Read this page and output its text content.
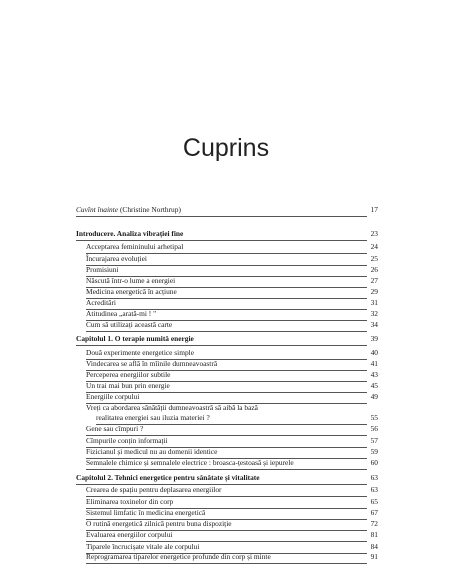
Cuprins
Cuvînt înainte (Christine Northrup)	17
Introducere. Analiza vibrației fine	23
Acceptarea femininului arhetipal	24
Încurajarea evoluției	25
Promisiuni	26
Născută într-o lume a energiei	27
Medicina energetică în acțiune	29
Acreditări	31
Atitudinea „arată-mi ! "	32
Cum să utilizați această carte	34
Capitolul 1. O terapie numită energie	39
Două experimente energetice simple	40
Vindecarea se află în mîinile dumneavoastră	41
Perceperea energiilor subtile	43
Un trai mai bun prin energie	45
Energiile corpului	49
Vreți ca abordarea sănătății dumneavoastră să aibă la bază
realitatea energiei sau iluzia materiei ?	55
Gene sau cîmpuri ?	56
Cîmpurile conțin informații	57
Fizicianul și medicul nu au domenii identice	59
Semnalele chimice și semnalele electrice : broasca-țestoasă și iepurele	60
Capitolul 2. Tehnici energetice pentru sănătate și vitalitate	63
Crearea de spațiu pentru deplasarea energiilor	63
Eliminarea toxinelor din corp	65
Sistemul limfatic în medicina energetică	67
O rutină energetică zilnică pentru buna dispoziție	72
Evaluarea energiilor corpului	81
Tiparele încrucișate vitale ale corpului	84
Reprogramarea tiparelor energetice profunde din corp și minte	91
